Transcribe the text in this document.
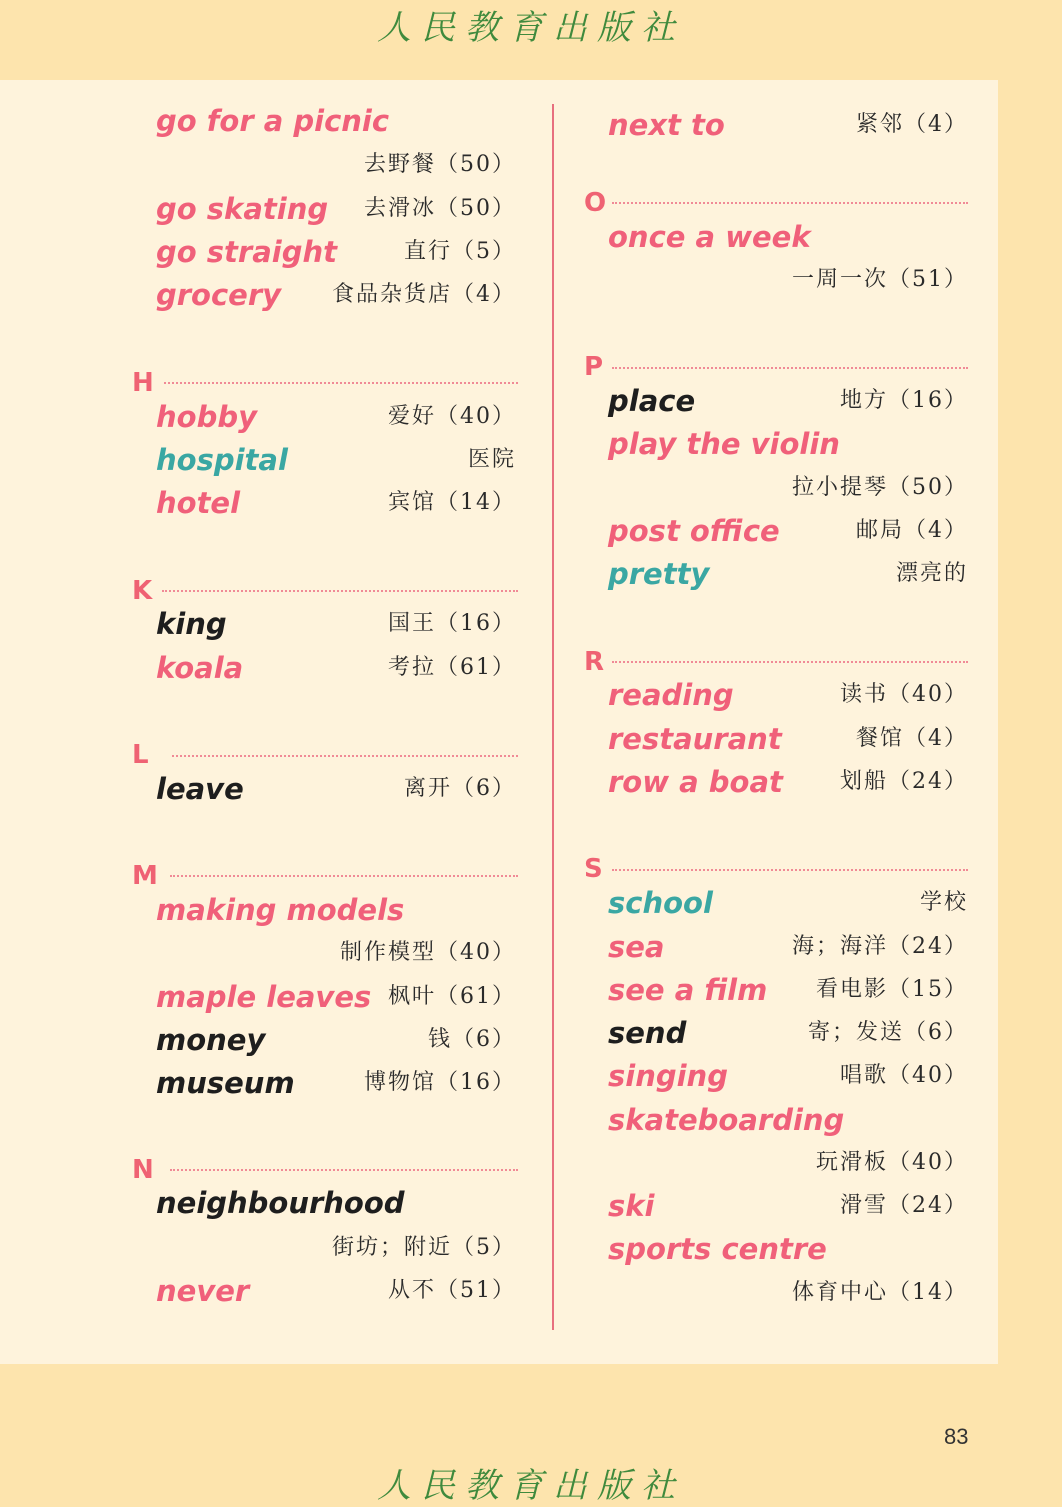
人民教育出版社
go for a picnic
去野餐（50）
go skating 去滑冰（50）
go straight	直行（5）
grocery 食品杂货店（4）
H
hobby	爱好（40）
hospital	医院
hotel	宾馆（14）
K
king	国王（16）
koala	考拉（61）
L
leave	离开（6）
M
making models
制作模型（40）
maple leaves 枫叶（61）
money	钱（6）
museum	博物馆（16）
N
neighbourhood
街坊；附近（5）
never	从不（51）
next to	紧邻（4）
O
once a week
一周一次（51）
P
place	地方（16）
play the violin
拉小提琴（50）
post office	邮局（4）
pretty	漂亮的
R
reading	读书（40）
restaurant	餐馆（4）
row a boat	划船（24）
S
school	学校
sea	海；海洋（24）
see a film 看电影（15）
send	寄；发送（6）
singing	唱歌（40）
skateboarding
玩滑板（40）
ski	滑雪（24）
sports centre
体育中心（14）
83
人民教育出版社
